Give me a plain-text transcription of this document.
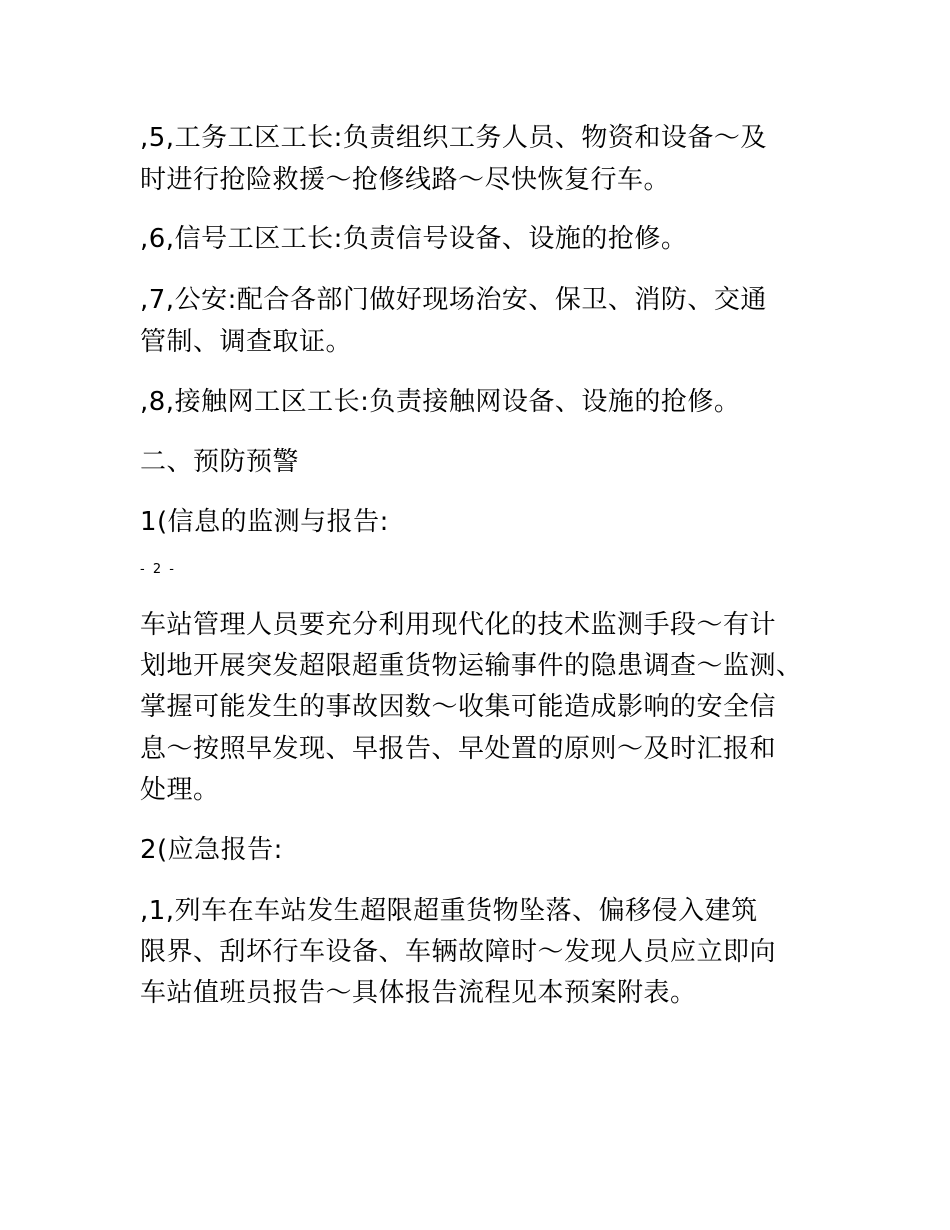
,5,工务工区工长:负责组织工务人员、物资和设备～及
时进行抢险救援～抢修线路～尽快恢复行车。
,6,信号工区工长:负责信号设备、设施的抢修。
,7,公安:配合各部门做好现场治安、保卫、消防、交通
管制、调查取证。
,8,接触网工区工长:负责接触网设备、设施的抢修。
二、预防预警
1(信息的监测与报告:
- 2 -
车站管理人员要充分利用现代化的技术监测手段～有计
划地开展突发超限超重货物运输事件的隐患调查～监测、
掌握可能发生的事故因数～收集可能造成影响的安全信
息～按照早发现、早报告、早处置的原则～及时汇报和
处理。
2(应急报告:
,1,列车在车站发生超限超重货物坠落、偏移侵入建筑
限界、刮坏行车设备、车辆故障时～发现人员应立即向
车站值班员报告～具体报告流程见本预案附表。
